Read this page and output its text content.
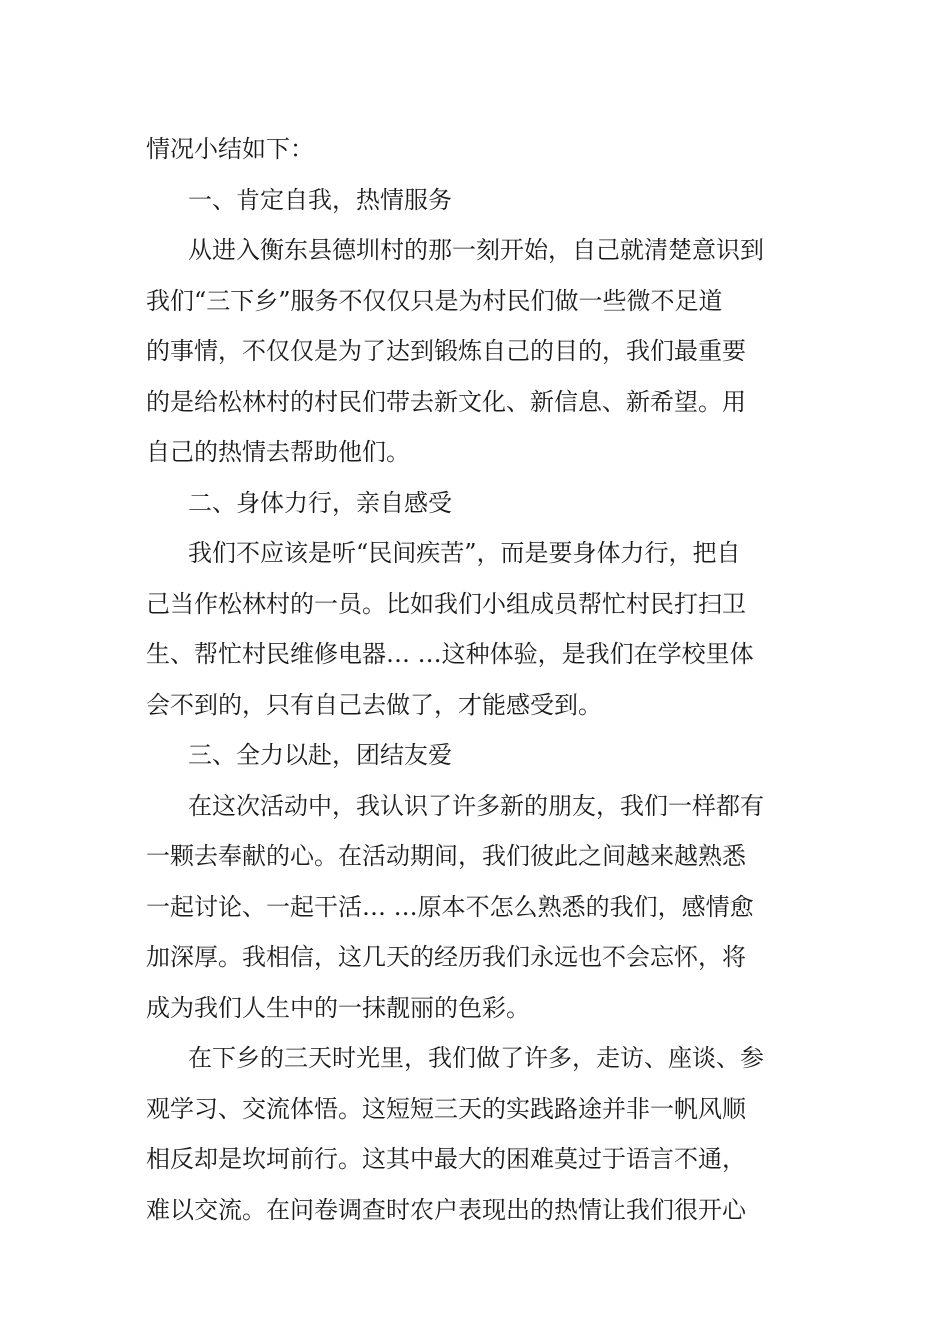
情况小结如下：
一、肯定自我，热情服务
从进入衡东县德圳村的那一刻开始，自己就清楚意识到
我们“三下乡”服务不仅仅只是为村民们做一些微不足道
的事情，不仅仅是为了达到锻炼自己的目的，我们最重要
的是给松林村的村民们带去新文化、新信息、新希望。用
自己的热情去帮助他们。
二、身体力行，亲自感受
我们不应该是听“民间疾苦”，而是要身体力行，把自
己当作松林村的一员。比如我们小组成员帮忙村民打扫卫
生、帮忙村民维修电器… …这种体验，是我们在学校里体
会不到的，只有自己去做了，才能感受到。
三、全力以赴，团结友爱
在这次活动中，我认识了许多新的朋友，我们一样都有
一颗去奉献的心。在活动期间，我们彼此之间越来越熟悉
一起讨论、一起干活… …原本不怎么熟悉的我们，感情愈
加深厚。我相信，这几天的经历我们永远也不会忘怀，将
成为我们人生中的一抹靓丽的色彩。
在下乡的三天时光里，我们做了许多，走访、座谈、参
观学习、交流体悟。这短短三天的实践路途并非一帆风顺
相反却是坎坷前行。这其中最大的困难莫过于语言不通，
难以交流。在问卷调查时农户表现出的热情让我们很开心
